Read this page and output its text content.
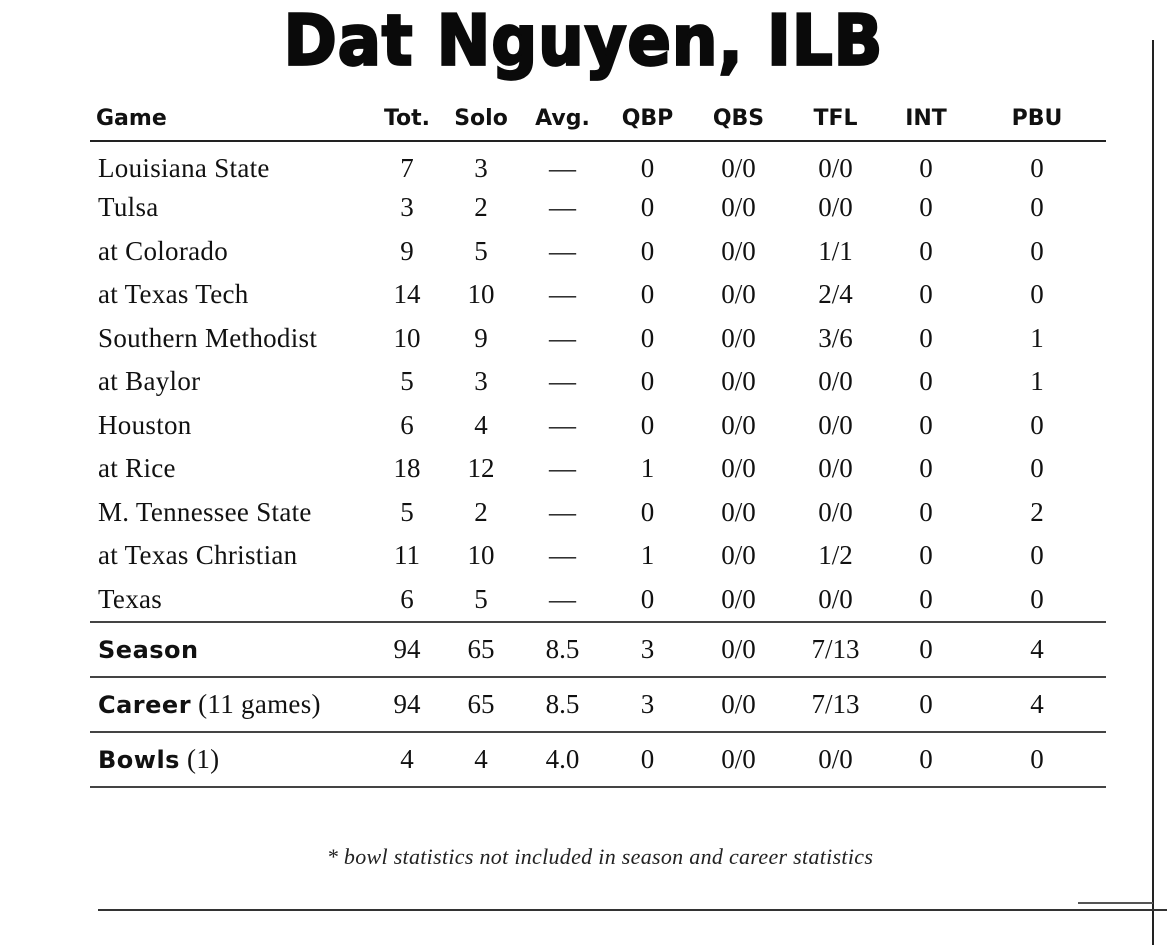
Dat Nguyen, ILB
Game	Tot.	Solo	Avg.	QBP	QBS	TFL	INT	PBU
Louisiana State	7	3	—	0	0/0	0/0	0	0
Tulsa	3	2	—	0	0/0	0/0	0	0
at Colorado	9	5	—	0	0/0	1/1	0	0
at Texas Tech	14	10	—	0	0/0	2/4	0	0
Southern Methodist	10	9	—	0	0/0	3/6	0	1
at Baylor	5	3	—	0	0/0	0/0	0	1
Houston	6	4	—	0	0/0	0/0	0	0
at Rice	18	12	—	1	0/0	0/0	0	0
M. Tennessee State	5	2	—	0	0/0	0/0	0	2
at Texas Christian	11	10	—	1	0/0	1/2	0	0
Texas	6	5	—	0	0/0	0/0	0	0
Season	94	65	8.5	3	0/0	7/13	0	4
Career (11 games)	94	65	8.5	3	0/0	7/13	0	4
Bowls (1)	4	4	4.0	0	0/0	0/0	0	0
* bowl statistics not included in season and career statistics
